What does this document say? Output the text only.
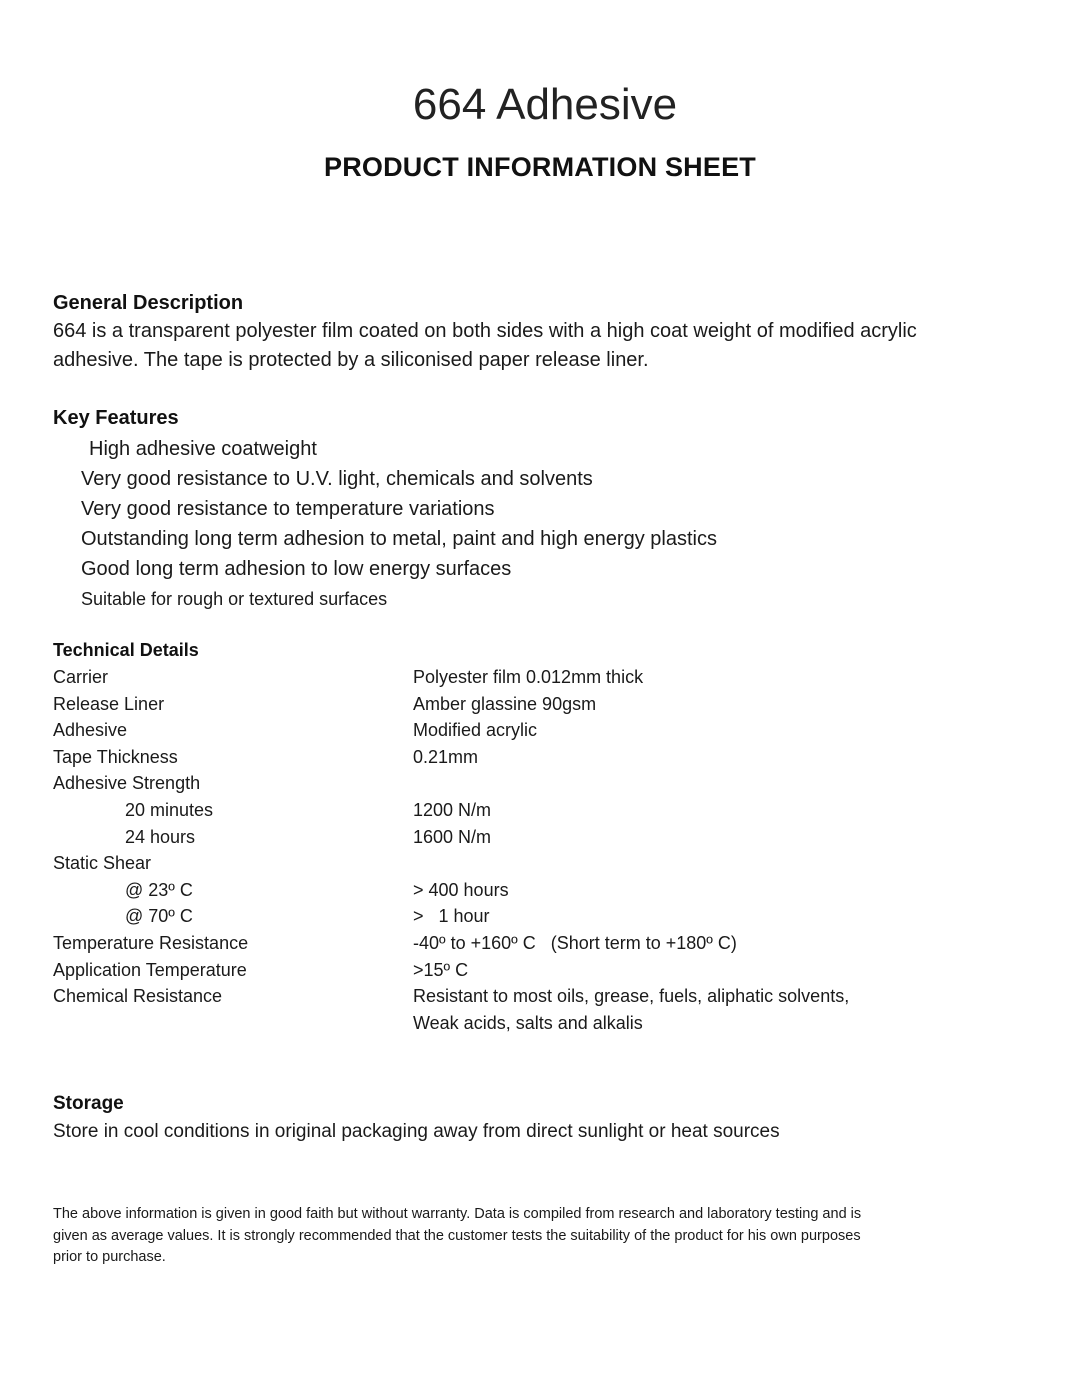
664 Adhesive
PRODUCT INFORMATION SHEET
General Description
664 is a transparent polyester film coated on both sides with a high coat weight of modified acrylic
adhesive. The tape is protected by a siliconised paper release liner.
Key Features
High adhesive coatweight
Very good resistance to U.V. light, chemicals and solvents
Very good resistance to temperature variations
Outstanding long term adhesion to metal, paint and high energy plastics
Good long term adhesion to low energy surfaces
Suitable for rough or textured surfaces
Technical Details
Carrier	Polyester film 0.012mm thick
Release Liner	Amber glassine 90gsm
Adhesive	Modified acrylic
Tape Thickness	0.21mm
Adhesive Strength
20 minutes	1200 N/m
24 hours	1600 N/m
Static Shear
@ 23º C	> 400 hours
@ 70º C	>   1 hour
Temperature Resistance	-40º to +160º C   (Short term to +180º C)
Application Temperature	>15º C
Chemical Resistance	Resistant to most oils, grease, fuels, aliphatic solvents,
Weak acids, salts and alkalis
Storage
Store in cool conditions in original packaging away from direct sunlight or heat sources
The above information is given in good faith but without warranty. Data is compiled from research and laboratory testing and is
given as average values. It is strongly recommended that the customer tests the suitability of the product for his own purposes
prior to purchase.
